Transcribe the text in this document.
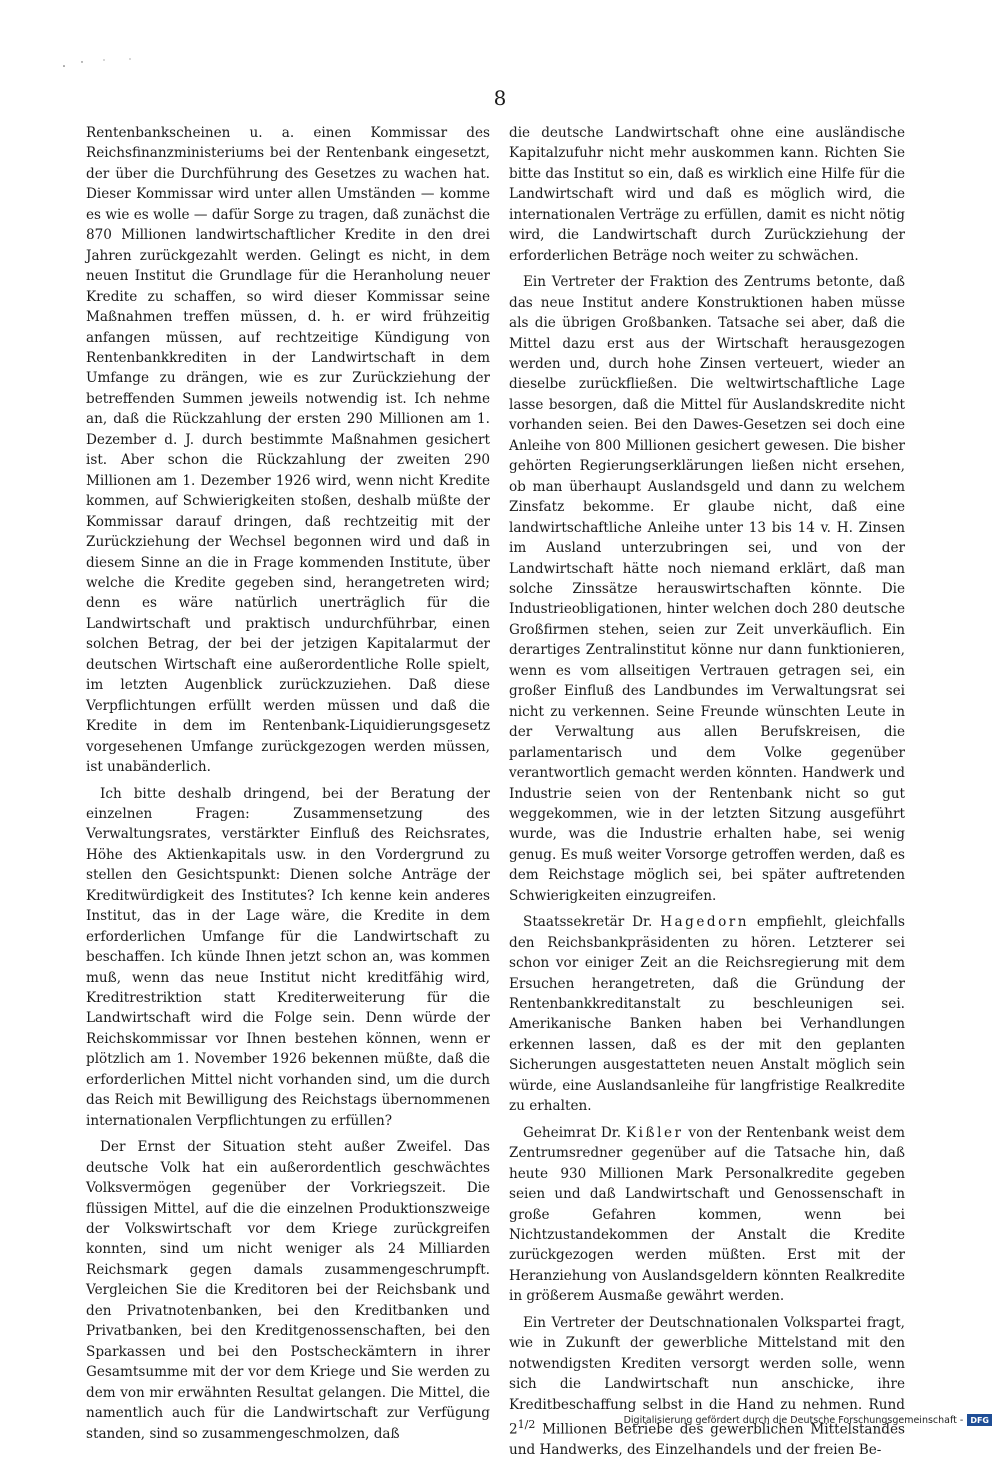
8

Rentenbankscheinen u. a. einen Kommissar des Reichsfinanzministeriums bei der Rentenbank eingesetzt, der über die Durchführung des Gesetzes zu wachen hat. Dieser Kommissar wird unter allen Umständen — komme es wie es wolle — dafür Sorge zu tragen, daß zunächst die 870 Millionen landwirtschaftlicher Kredite in den drei Jahren zurückgezahlt werden. Gelingt es nicht, in dem neuen Institut die Grundlage für die Heranholung neuer Kredite zu schaffen, so wird dieser Kommissar seine Maßnahmen treffen müssen, d. h. er wird frühzeitig anfangen müssen, auf rechtzeitige Kündigung von Rentenbankkrediten in der Landwirtschaft in dem Umfange zu drängen, wie es zur Zurückziehung der betreffenden Summen jeweils notwendig ist. Ich nehme an, daß die Rückzahlung der ersten 290 Millionen am 1. Dezember d. J. durch bestimmte Maßnahmen gesichert ist. Aber schon die Rückzahlung der zweiten 290 Millionen am 1. Dezember 1926 wird, wenn nicht Kredite kommen, auf Schwierigkeiten stoßen, deshalb müßte der Kommissar darauf dringen, daß rechtzeitig mit der Zurückziehung der Wechsel begonnen wird und daß in diesem Sinne an die in Frage kommenden Institute, über welche die Kredite gegeben sind, herangetreten wird; denn es wäre natürlich unerträglich für die Landwirtschaft und praktisch undurchführbar, einen solchen Betrag, der bei der jetzigen Kapitalarmut der deutschen Wirtschaft eine außerordentliche Rolle spielt, im letzten Augenblick zurückzuziehen. Daß diese Verpflichtungen erfüllt werden müssen und daß die Kredite in dem im Rentenbank-Liquidierungsgesetz vorgesehenen Umfange zurückgezogen werden müssen, ist unabänderlich.

Ich bitte deshalb dringend, bei der Beratung der einzelnen Fragen: Zusammensetzung des Verwaltungsrates, verstärkter Einfluß des Reichsrates, Höhe des Aktienkapitals usw. in den Vordergrund zu stellen den Gesichtspunkt: Dienen solche Anträge der Kreditwürdigkeit des Institutes? Ich kenne kein anderes Institut, das in der Lage wäre, die Kredite in dem erforderlichen Umfange für die Landwirtschaft zu beschaffen. Ich künde Ihnen jetzt schon an, was kommen muß, wenn das neue Institut nicht kreditfähig wird, Kreditrestriktion statt Krediterweiterung für die Landwirtschaft wird die Folge sein. Denn würde der Reichskommissar vor Ihnen bestehen können, wenn er plötzlich am 1. November 1926 bekennen müßte, daß die erforderlichen Mittel nicht vorhanden sind, um die durch das Reich mit Bewilligung des Reichstags übernommenen internationalen Verpflichtungen zu erfüllen?

Der Ernst der Situation steht außer Zweifel. Das deutsche Volk hat ein außerordentlich geschwächtes Volksvermögen gegenüber der Vorkriegszeit. Die flüssigen Mittel, auf die die einzelnen Produktionszweige der Volkswirtschaft vor dem Kriege zurückgreifen konnten, sind um nicht weniger als 24 Milliarden Reichsmark gegen damals zusammengeschrumpft. Vergleichen Sie die Kreditoren bei der Reichsbank und den Privatnotenbanken, bei den Kreditbanken und Privatbanken, bei den Kreditgenossenschaften, bei den Sparkassen und bei den Postscheckämtern in ihrer Gesamtsumme mit der vor dem Kriege und Sie werden zu dem von mir erwähnten Resultat gelangen. Die Mittel, die namentlich auch für die Landwirtschaft zur Verfügung standen, sind so zusammengeschmolzen, daß

die deutsche Landwirtschaft ohne eine ausländische Kapitalzufuhr nicht mehr auskommen kann. Richten Sie bitte das Institut so ein, daß es wirklich eine Hilfe für die Landwirtschaft wird und daß es möglich wird, die internationalen Verträge zu erfüllen, damit es nicht nötig wird, die Landwirtschaft durch Zurückziehung der erforderlichen Beträge noch weiter zu schwächen.

Ein Vertreter der Fraktion des Zentrums betonte, daß das neue Institut andere Konstruktionen haben müsse als die übrigen Großbanken. Tatsache sei aber, daß die Mittel dazu erst aus der Wirtschaft herausgezogen werden und, durch hohe Zinsen verteuert, wieder an dieselbe zurückfließen. Die weltwirtschaftliche Lage lasse besorgen, daß die Mittel für Auslandskredite nicht vorhanden seien. Bei den Dawes-Gesetzen sei doch eine Anleihe von 800 Millionen gesichert gewesen. Die bisher gehörten Regierungserklärungen ließen nicht ersehen, ob man überhaupt Auslandsgeld und dann zu welchem Zinsfatz bekomme. Er glaube nicht, daß eine landwirtschaftliche Anleihe unter 13 bis 14 v. H. Zinsen im Ausland unterzubringen sei, und von der Landwirtschaft hätte noch niemand erklärt, daß man solche Zinssätze herauswirtschaften könnte. Die Industrieobligationen, hinter welchen doch 280 deutsche Großfirmen stehen, seien zur Zeit unverkäuflich. Ein derartiges Zentralinstitut könne nur dann funktionieren, wenn es vom allseitigen Vertrauen getragen sei, ein großer Einfluß des Landbundes im Verwaltungsrat sei nicht zu verkennen. Seine Freunde wünschten Leute in der Verwaltung aus allen Berufskreisen, die parlamentarisch und dem Volke gegenüber verantwortlich gemacht werden könnten. Handwerk und Industrie seien von der Rentenbank nicht so gut weggekommen, wie in der letzten Sitzung ausgeführt wurde, was die Industrie erhalten habe, sei wenig genug. Es muß weiter Vorsorge getroffen werden, daß es dem Reichstage möglich sei, bei später auftretenden Schwierigkeiten einzugreifen.

Staatssekretär Dr. Hagedorn empfiehlt, gleichfalls den Reichsbankpräsidenten zu hören. Letzterer sei schon vor einiger Zeit an die Reichsregierung mit dem Ersuchen herangetreten, daß die Gründung der Rentenbankkreditanstalt zu beschleunigen sei. Amerikanische Banken haben bei Verhandlungen erkennen lassen, daß es der mit den geplanten Sicherungen ausgestatteten neuen Anstalt möglich sein würde, eine Auslandsanleihe für langfristige Realkredite zu erhalten.

Geheimrat Dr. Kißler von der Rentenbank weist dem Zentrumsredner gegenüber auf die Tatsache hin, daß heute 930 Millionen Mark Personalkredite gegeben seien und daß Landwirtschaft und Genossenschaft in große Gefahren kommen, wenn bei Nichtzustandekommen der Anstalt die Kredite zurückgezogen werden müßten. Erst mit der Heranziehung von Auslandsgeldern könnten Realkredite in größerem Ausmaße gewährt werden.

Ein Vertreter der Deutschnationalen Volkspartei fragt, wie in Zukunft der gewerbliche Mittelstand mit den notwendigsten Krediten versorgt werden solle, wenn sich die Landwirtschaft nun anschicke, ihre Kreditbeschaffung selbst in die Hand zu nehmen. Rund $2^{1/2}$ Millionen Betriebe des gewerblichen Mittelstandes und Handwerks, des Einzelhandels und der freien Be-

Digitalisierung gefördert durch die Deutsche Forschungsgemeinschaft - DFG
